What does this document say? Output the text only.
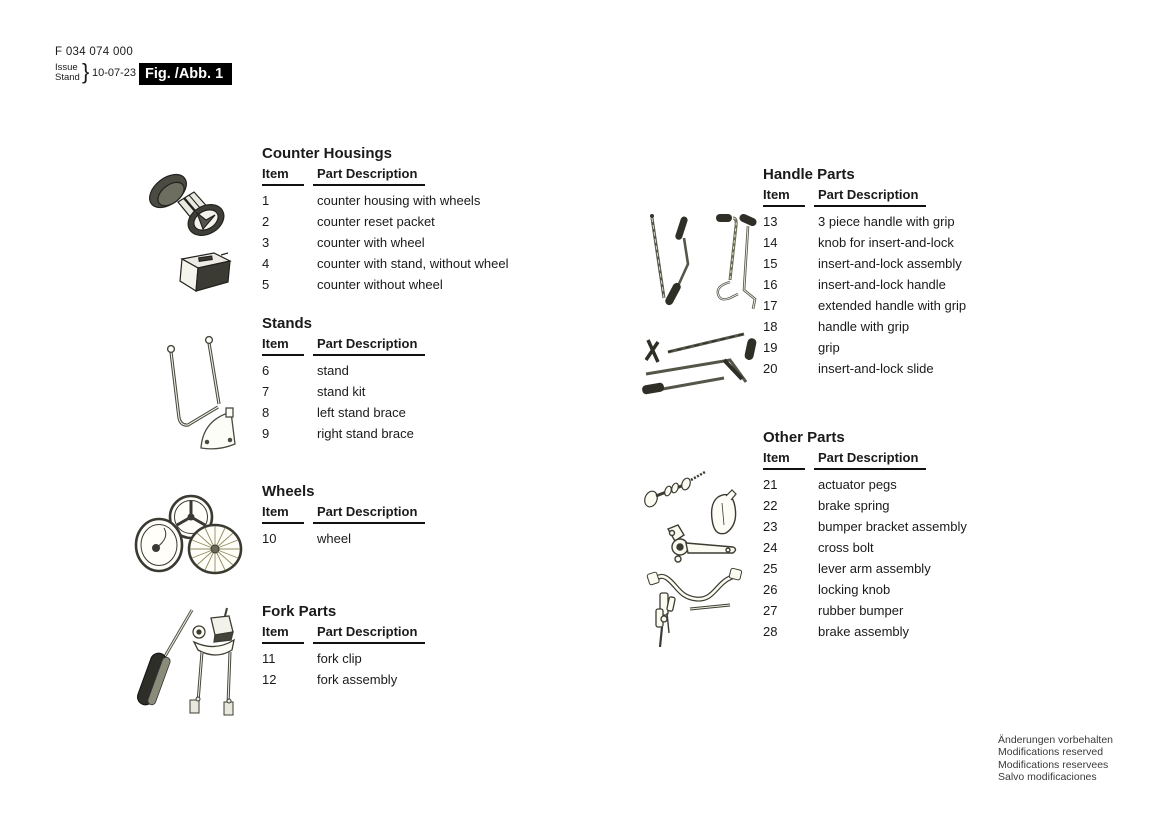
F 034 074 000
Issue
Stand } 10-07-23 Fig. /Abb. 1
Counter Housings
Item	Part Description
1	counter housing with wheels
2	counter reset packet
3	counter with wheel
4	counter with stand, without wheel
5	counter without wheel
Stands
Item	Part Description
6	stand
7	stand kit
8	left stand brace
9	right stand brace
Wheels
Item	Part Description
10	wheel
Fork Parts
Item	Part Description
11	fork clip
12	fork assembly
Handle Parts
Item	Part Description
13	3 piece handle with grip
14	knob for insert-and-lock
15	insert-and-lock assembly
16	insert-and-lock handle
17	extended handle with grip
18	handle with grip
19	grip
20	insert-and-lock slide
Other Parts
Item	Part Description
21	actuator pegs
22	brake spring
23	bumper bracket assembly
24	cross bolt
25	lever arm assembly
26	locking knob
27	rubber bumper
28	brake assembly
Änderungen vorbehalten
Modifications reserved
Modifications reservees
Salvo modificaciones
